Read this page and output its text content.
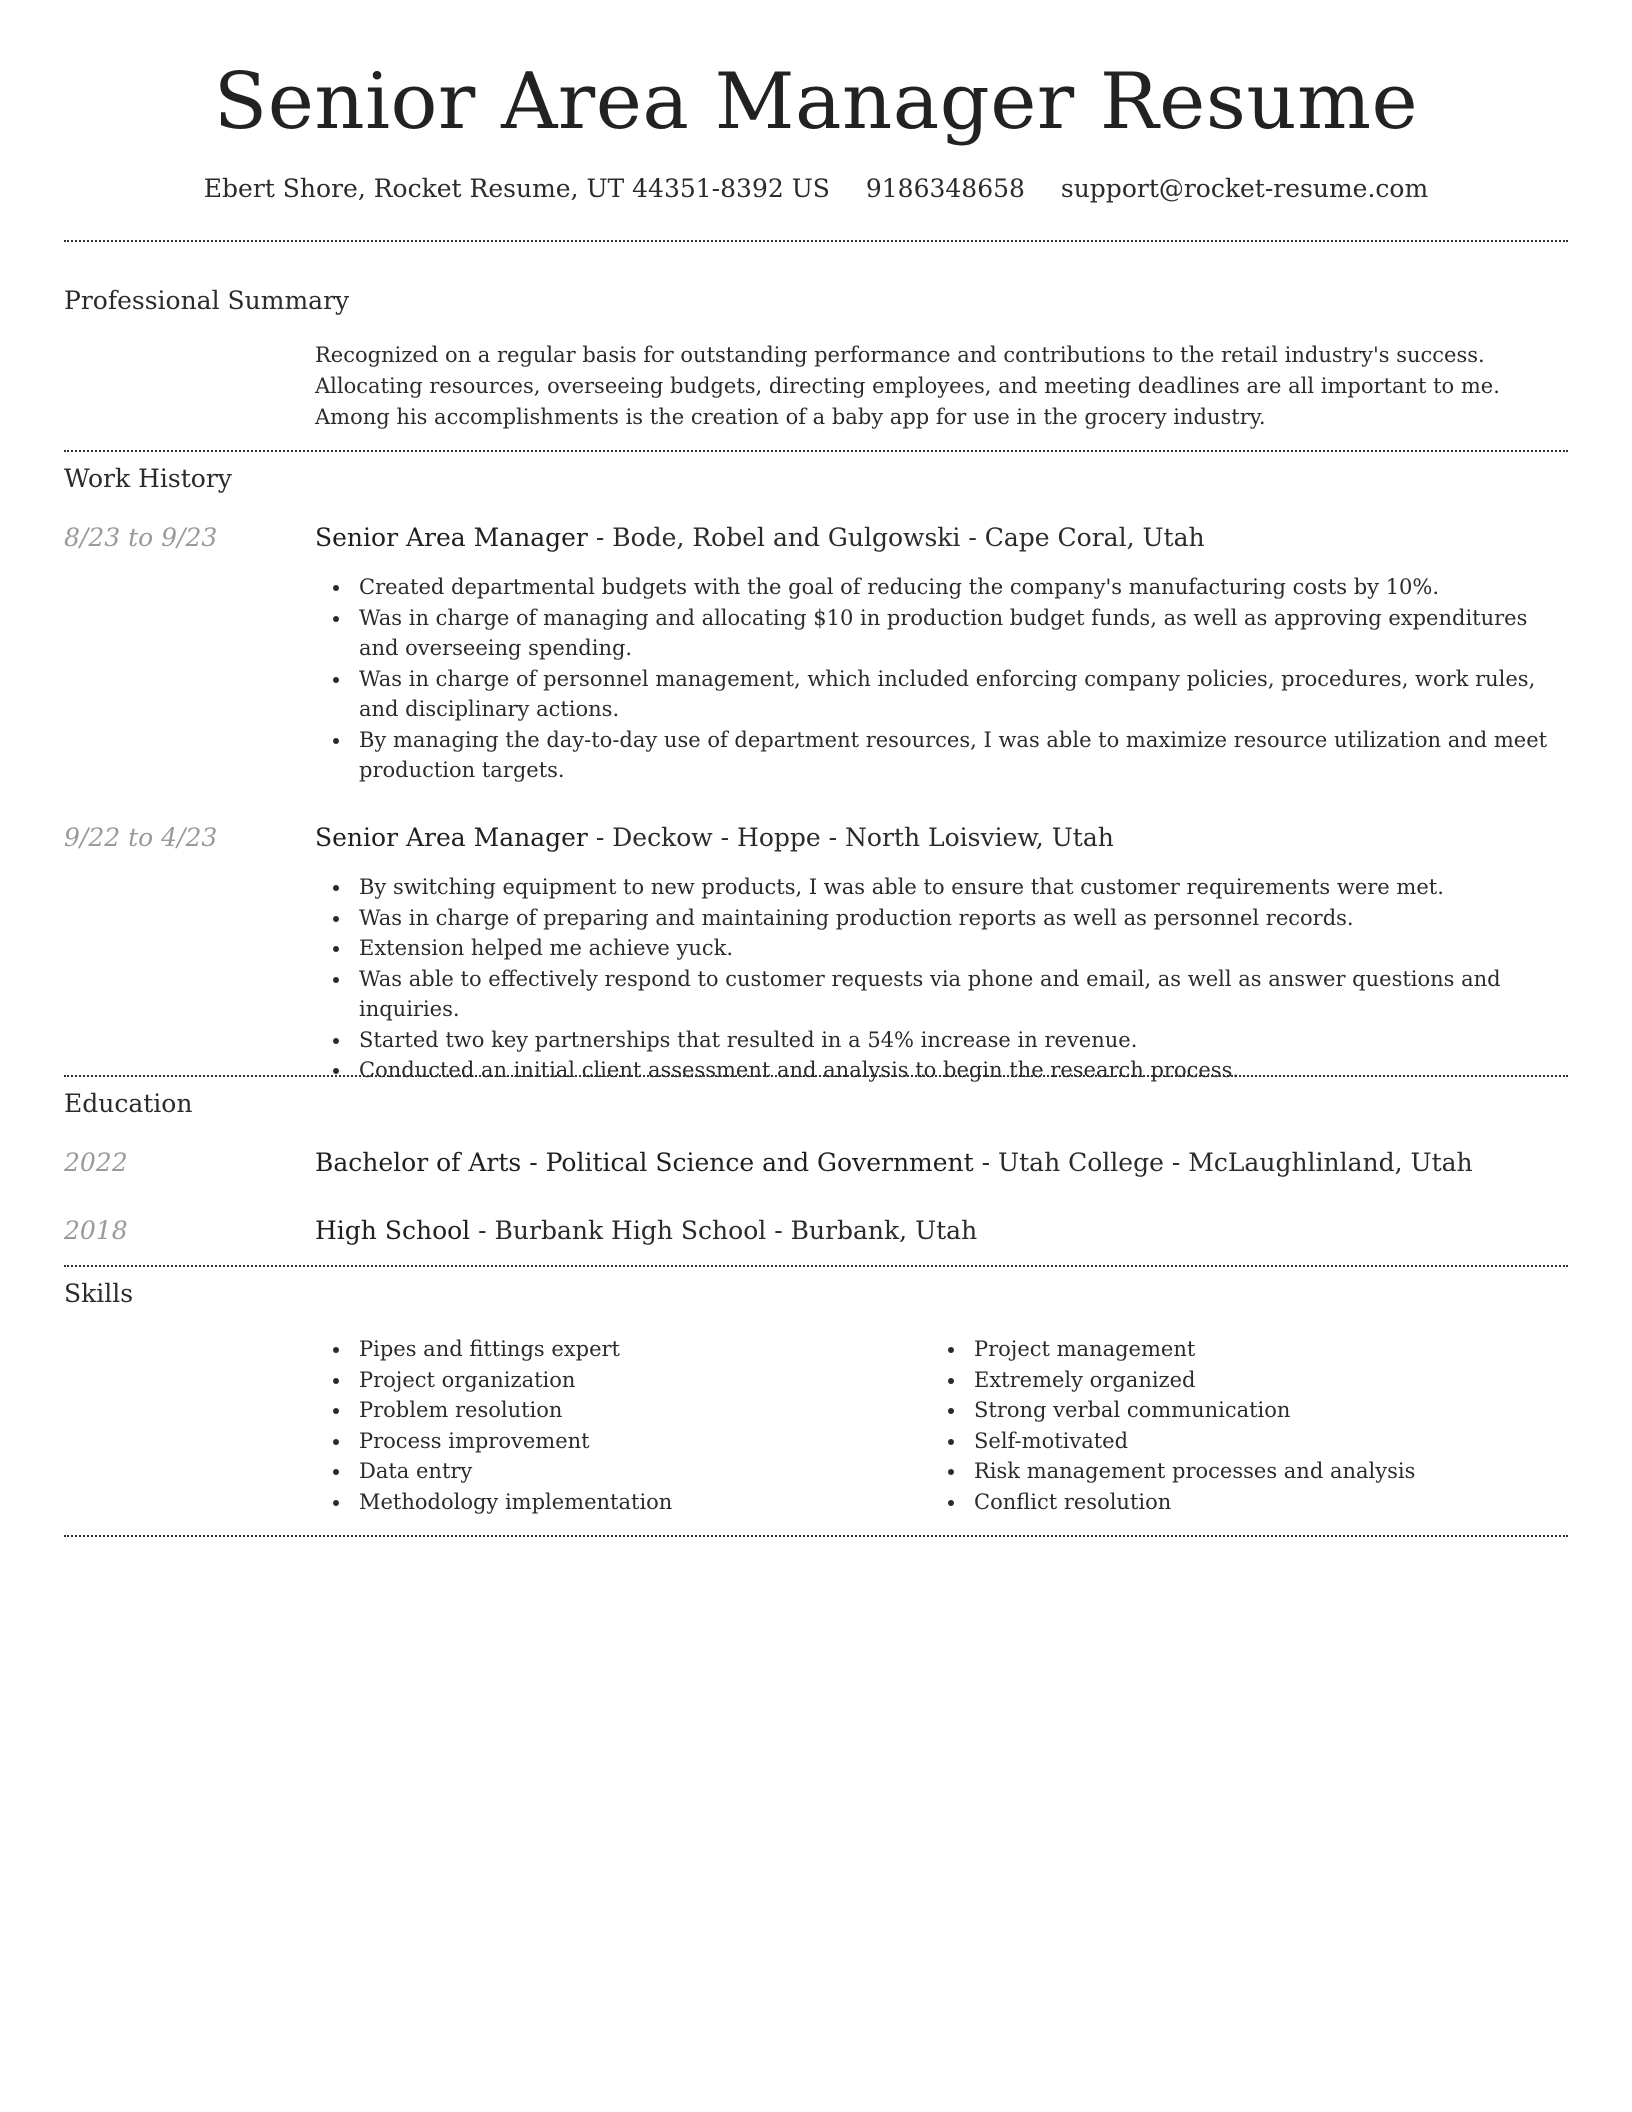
Senior Area Manager Resume
Ebert Shore, Rocket Resume, UT 44351-8392 US 9186348658 support@rocket-resume.com
Professional Summary

Recognized on a regular basis for outstanding performance and contributions to the retail industry's success. Allocating resources, overseeing budgets, directing employees, and meeting deadlines are all important to me. Among his accomplishments is the creation of a baby app for use in the grocery industry.

Work History
8/23 to 9/23	Senior Area Manager - Bode, Robel and Gulgowski - Cape Coral, Utah
Created departmental budgets with the goal of reducing the company's manufacturing costs by 10%.
Was in charge of managing and allocating $10 in production budget funds, as well as approving expenditures and overseeing spending.
Was in charge of personnel management, which included enforcing company policies, procedures, work rules, and disciplinary actions.
By managing the day-to-day use of department resources, I was able to maximize resource utilization and meet production targets.
9/22 to 4/23	Senior Area Manager - Deckow - Hoppe - North Loisview, Utah
By switching equipment to new products, I was able to ensure that customer requirements were met.
Was in charge of preparing and maintaining production reports as well as personnel records.
Extension helped me achieve yuck.
Was able to effectively respond to customer requests via phone and email, as well as answer questions and inquiries.
Started two key partnerships that resulted in a 54% increase in revenue.
Conducted an initial client assessment and analysis to begin the research process.
Education
2022	Bachelor of Arts - Political Science and Government - Utah College - McLaughlinland, Utah
2018	High School - Burbank High School - Burbank, Utah
Skills
Pipes and fittings expert
Project organization
Problem resolution
Process improvement
Data entry
Methodology implementation
Project management
Extremely organized
Strong verbal communication
Self-motivated
Risk management processes and analysis
Conflict resolution
